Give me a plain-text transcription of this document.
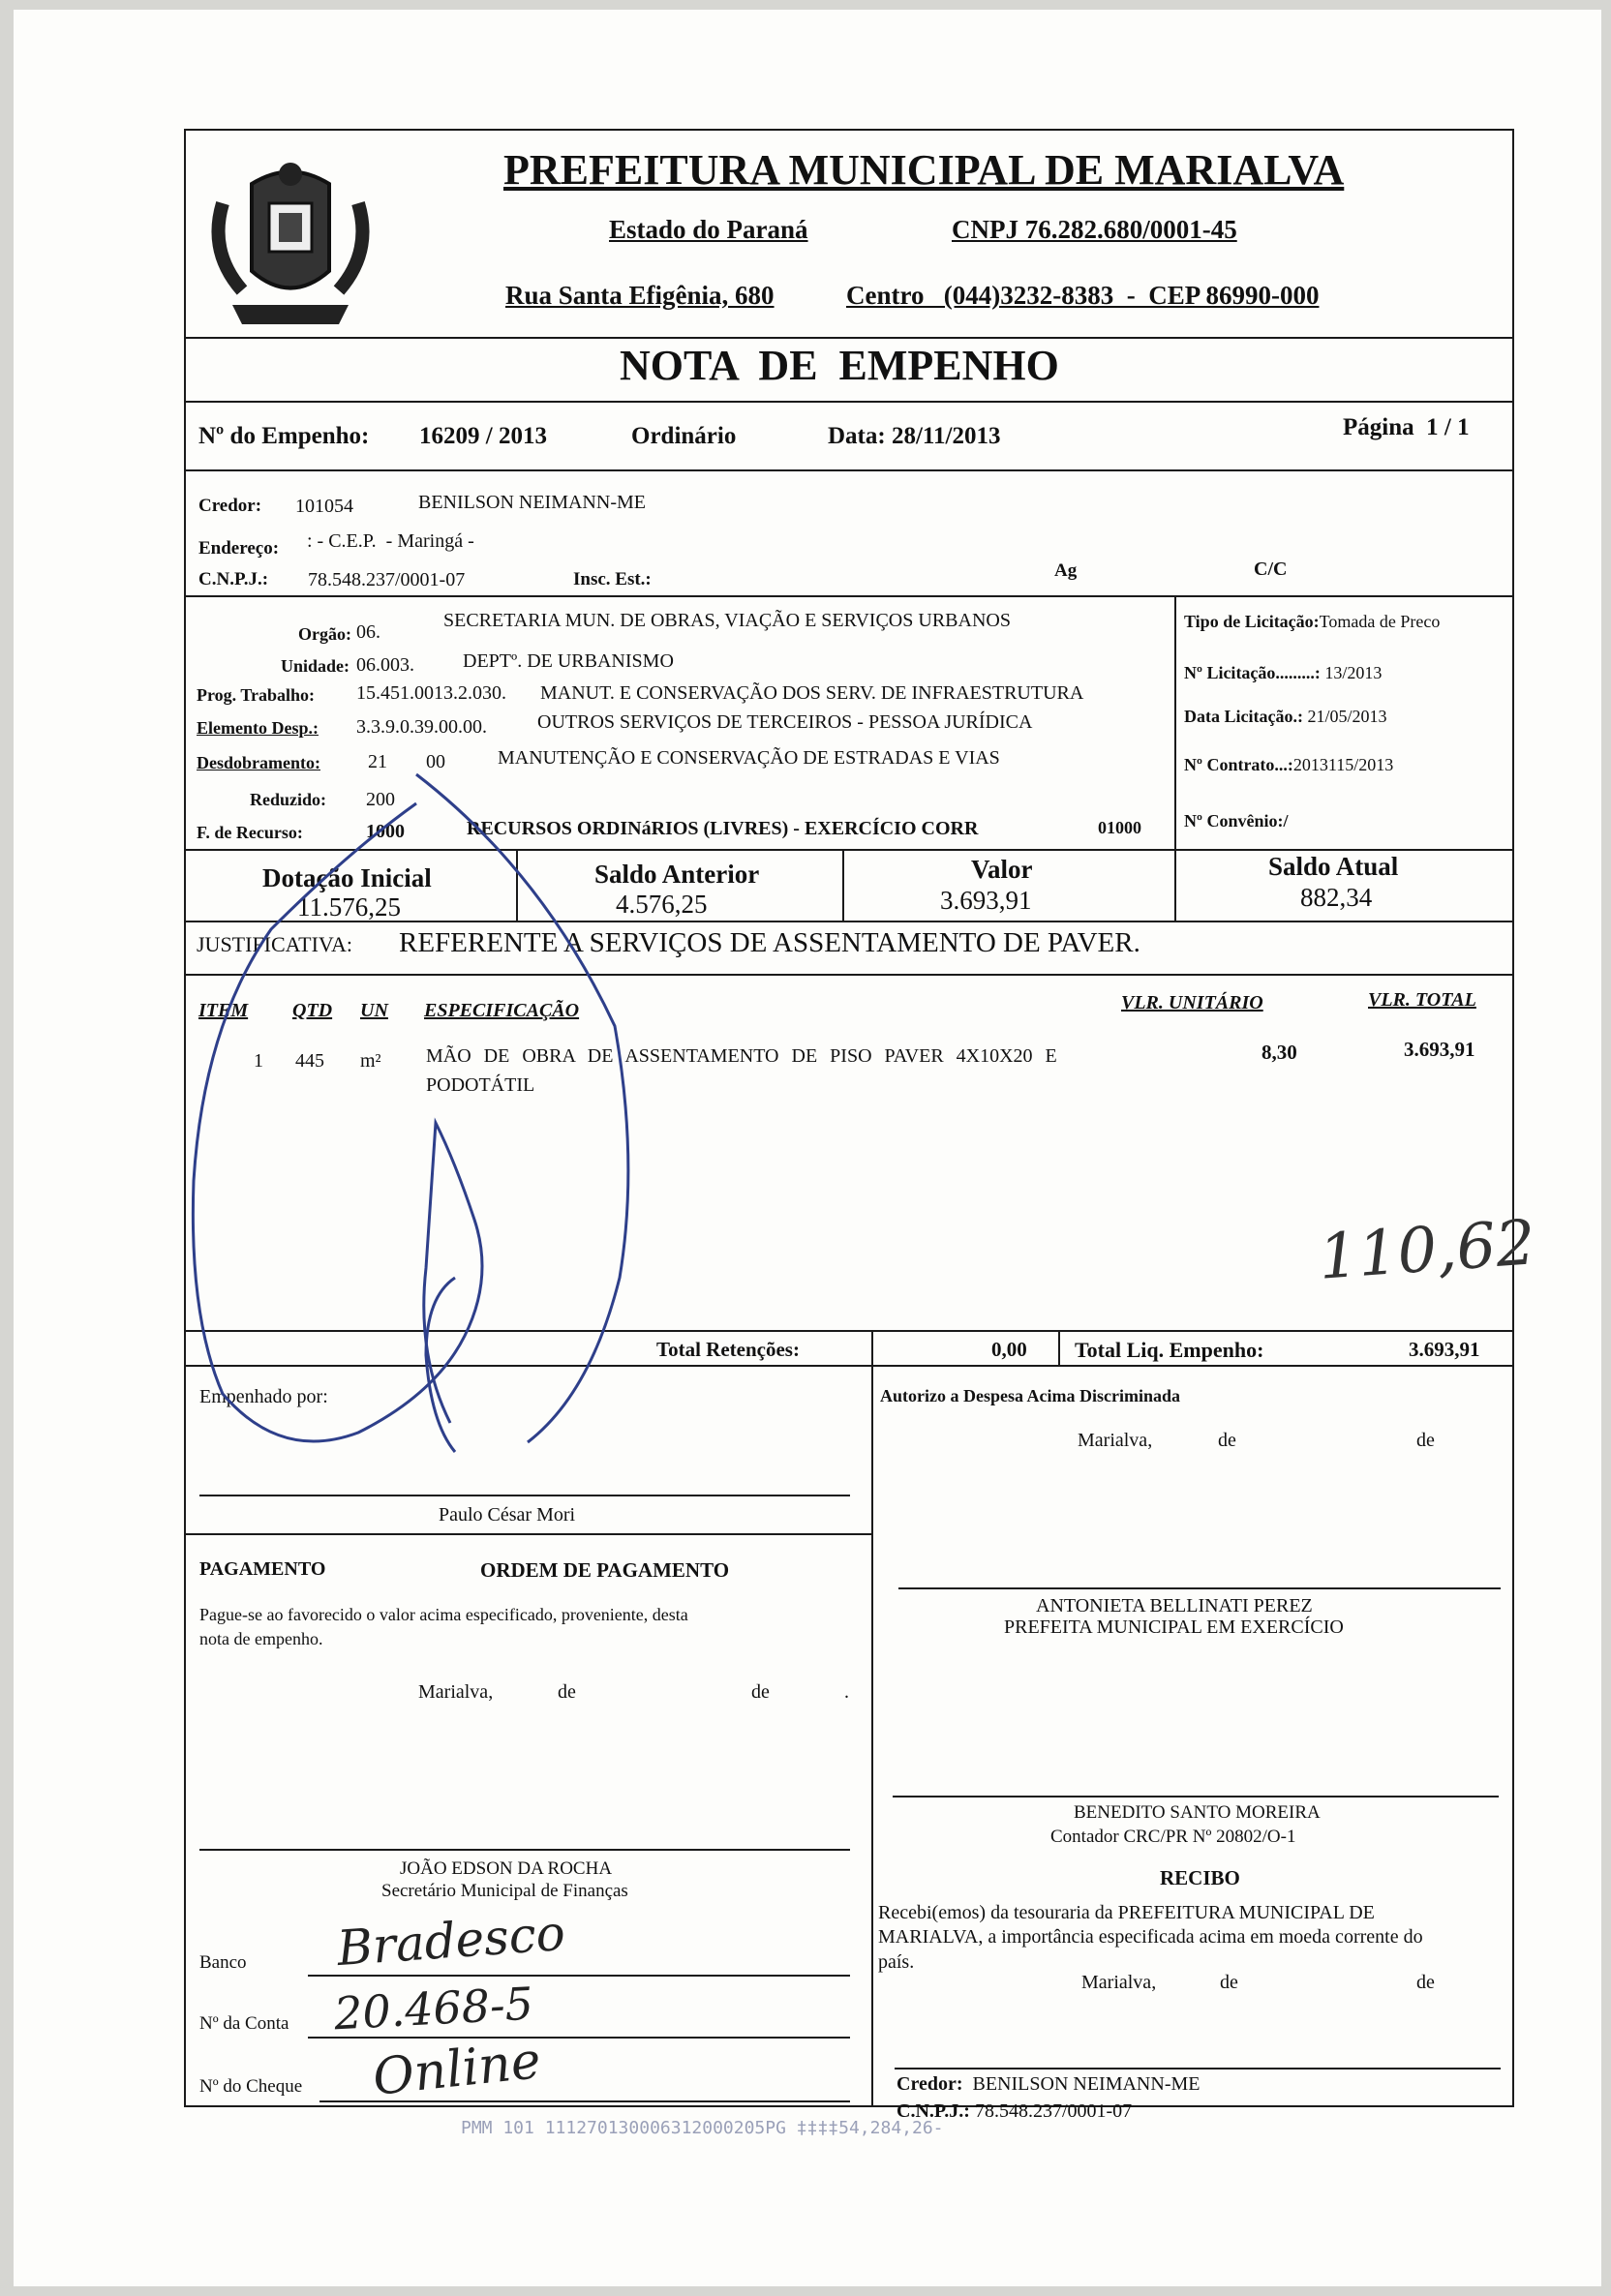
PREFEITURA MUNICIPAL DE MARIALVA
Estado do Paraná	CNPJ 76.282.680/0001-45
Rua Santa Efigênia, 680	Centro   (044)3232-8383  -  CEP 86990-000
NOTA  DE  EMPENHO
Nº do Empenho: 16209 / 2013	Ordinário	Data: 28/11/2013	Página  1 / 1
Credor: 101054	BENILSON NEIMANN-ME
Endereço: : - C.E.P.  - Maringá -
C.N.P.J.: 78.548.237/0001-07	Insc. Est.:	Ag	C/C
Orgão: 06.
SECRETARIA MUN. DE OBRAS, VIAÇÃO E SERVIÇOS URBANOS
Unidade: 06.003.	DEPTº. DE URBANISMO
Prog. Trabalho: 15.451.0013.2.030. MANUT. E CONSERVAÇÃO DOS SERV. DE INFRAESTRUTURA
Elemento Desp.: 3.3.9.0.39.00.00.	OUTROS SERVIÇOS DE TERCEIROS - PESSOA JURÍDICA
Desdobramento: 21 00	MANUTENÇÃO E CONSERVAÇÃO DE ESTRADAS E VIAS
Reduzido: 200
F. de Recurso:	1000	RECURSOS ORDINáRIOS (LIVRES) - EXERCÍCIO CORR	01000
Tipo de Licitação:Tomada de Preco
Nº Licitação.........: 13/2013
Data Licitação.: 21/05/2013
Nº Contrato...:2013115/2013
Nº Convênio:/
Dotação Inicial
11.576,25
Saldo Anterior
4.576,25
Valor
3.693,91
Saldo Atual
882,34
JUSTIFICATIVA: REFERENTE A SERVIÇOS DE ASSENTAMENTO DE PAVER.
ITEM QTD UN ESPECIFICAÇÃO	VLR. UNITÁRIO	VLR. TOTAL
1 445 m² MÃO DE OBRA DE ASSENTAMENTO DE PISO PAVER 4X10X20 E
PODOTÁTIL
8,30	3.693,91
110,62
Total Retenções:	0,00 Total Liq. Empenho:	3.693,91
Empenhado por:
Paulo César Mori
Autorizo a Despesa Acima Discriminada
Marialva,	de	de
PAGAMENTO	ORDEM DE PAGAMENTO
Pague-se ao favorecido o valor acima especificado, proveniente, desta
nota de empenho.
Marialva,	de	de	.
JOÃO EDSON DA ROCHA
Secretário Municipal de Finanças
Banco Bradesco
Nº da Conta 20.468-5
Nº do Cheque Online
ANTONIETA BELLINATI PEREZ
PREFEITA MUNICIPAL EM EXERCÍCIO
BENEDITO SANTO MOREIRA
Contador CRC/PR Nº 20802/O-1
RECIBO
Recebi(emos) da tesouraria da PREFEITURA MUNICIPAL DE
MARIALVA, a importância especificada acima em moeda corrente do
país.
Marialva,	de	de
Credor: BENILSON NEIMANN-ME
C.N.P.J.: 78.548.237/0001-07
PMM 101 111270130006312000205PG ‡‡‡‡54,284,26-
